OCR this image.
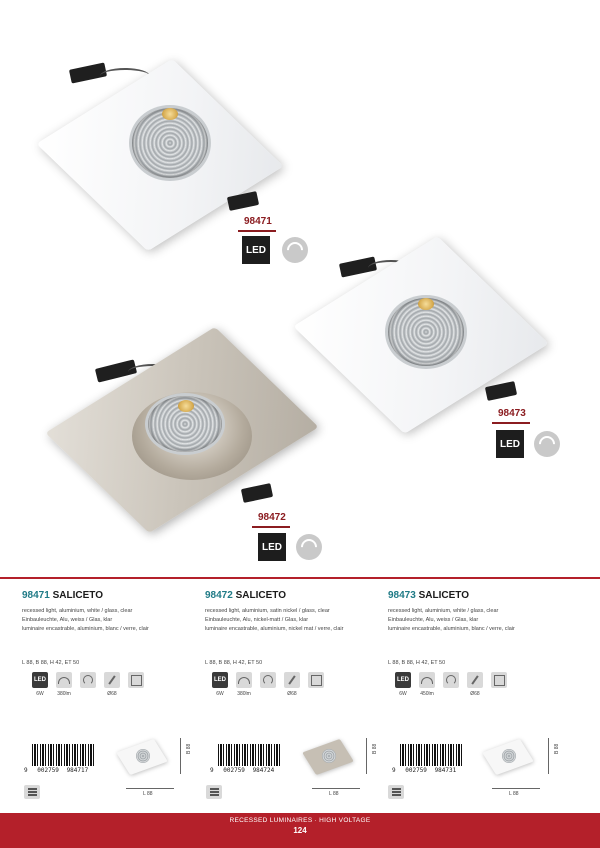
98471
LED
98473
LED
98472
LED
98471 SALICETO
recessed light, aluminium, white / glass, clear
Einbauleuchte, Alu, weiss / Glas, klar
luminaire encastrable, aluminium, blanc / verre, clair
L 88, B 88, H 42, ET 50
LED
6W	380lm	Ø68
98472 SALICETO
recessed light, aluminium, satin nickel / glass, clear
Einbauleuchte, Alu, nickel-matt / Glas, klar
luminaire encastrable, aluminium, nickel mat / verre, clair
L 88, B 88, H 42, ET 50
LED
6W	380lm	Ø68
98473 SALICETO
recessed light, aluminium, white / glass, clear
Einbauleuchte, Alu, weiss / Glas, klar
luminaire encastrable, aluminium, blanc / verre, clair
L 88, B 88, H 42, ET 50
LED
6W	450lm	Ø68
9 002759 984717
B 88
L 88
9 002759 984724
B 88
L 88
9 002759 984731
B 88
L 88
RECESSED LUMINAIRES · HIGH VOLTAGE
124
